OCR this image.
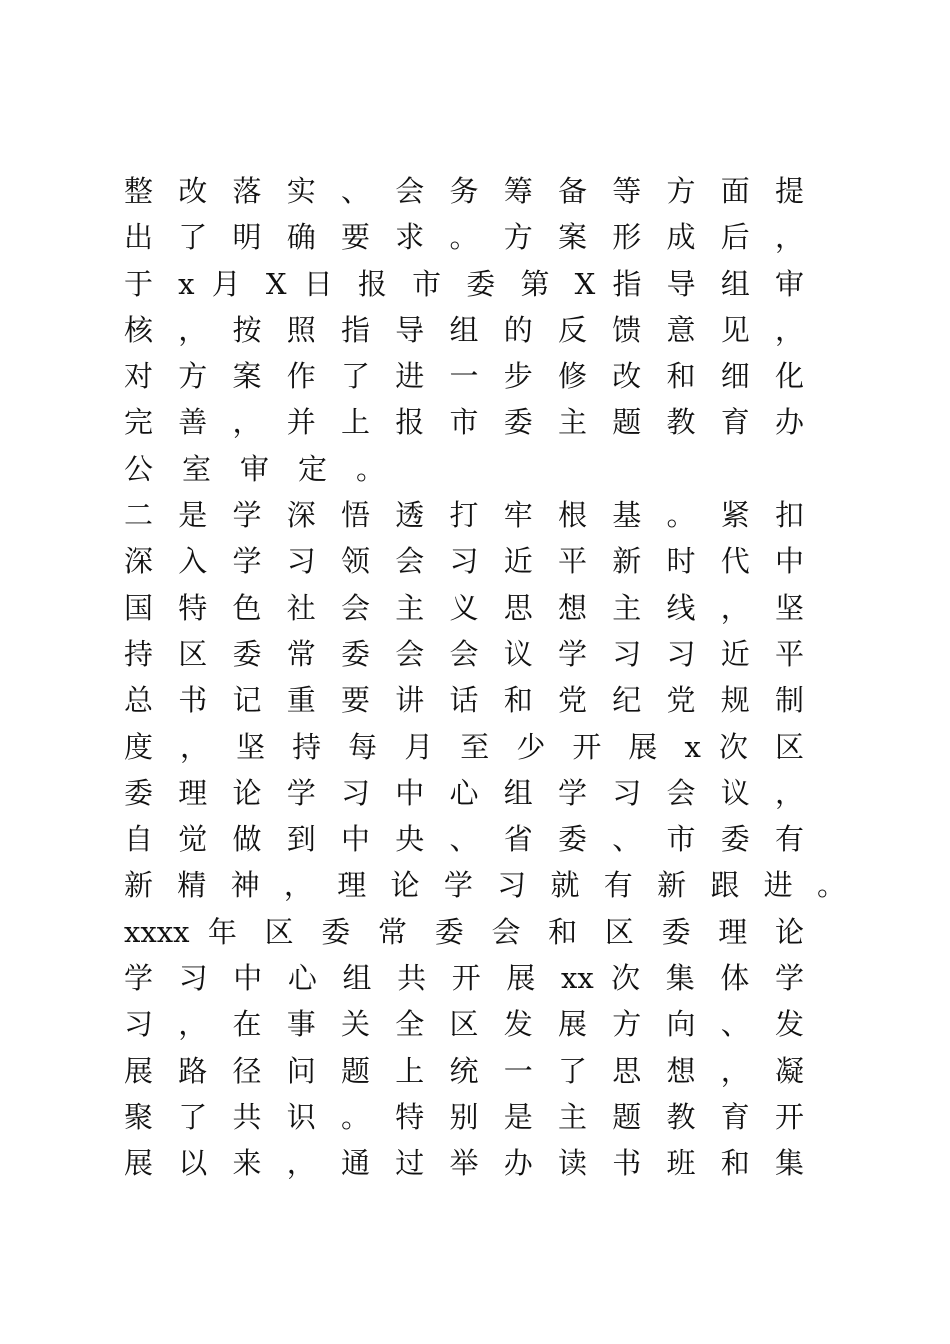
整 改 落 实 、 会 务 筹 备 等 方 面 提
出 了 明 确 要 求 。 方 案 形 成 后 ，
于 x 月 X 日 报 市 委 第 X 指 导 组 审
核 ， 按 照 指 导 组 的 反 馈 意 见 ，
对 方 案 作 了 进 一 步 修 改 和 细 化
完 善 ， 并 上 报 市 委 主 题 教 育 办
公室审定。
二 是 学 深 悟 透 打 牢 根 基 。 紧 扣
深 入 学 习 领 会 习 近 平 新 时 代 中
国 特 色 社 会 主 义 思 想 主 线 ， 坚
持 区 委 常 委 会 会 议 学 习 习 近 平
总 书 记 重 要 讲 话 和 党 纪 党 规 制
度 ， 坚 持 每 月 至 少 开 展 x 次 区
委 理 论 学 习 中 心 组 学 习 会 议 ，
自 觉 做 到 中 央 、 省 委 、 市 委 有
新 精 神 ， 理 论 学 习 就 有 新 跟 进 。
xxxx 年 区 委 常 委 会 和 区 委 理 论
学 习 中 心 组 共 开 展 xx 次 集 体 学
习 ， 在 事 关 全 区 发 展 方 向 、 发
展 路 径 问 题 上 统 一 了 思 想 ， 凝
聚 了 共 识 。 特 别 是 主 题 教 育 开
展 以 来 ， 通 过 举 办 读 书 班 和 集
